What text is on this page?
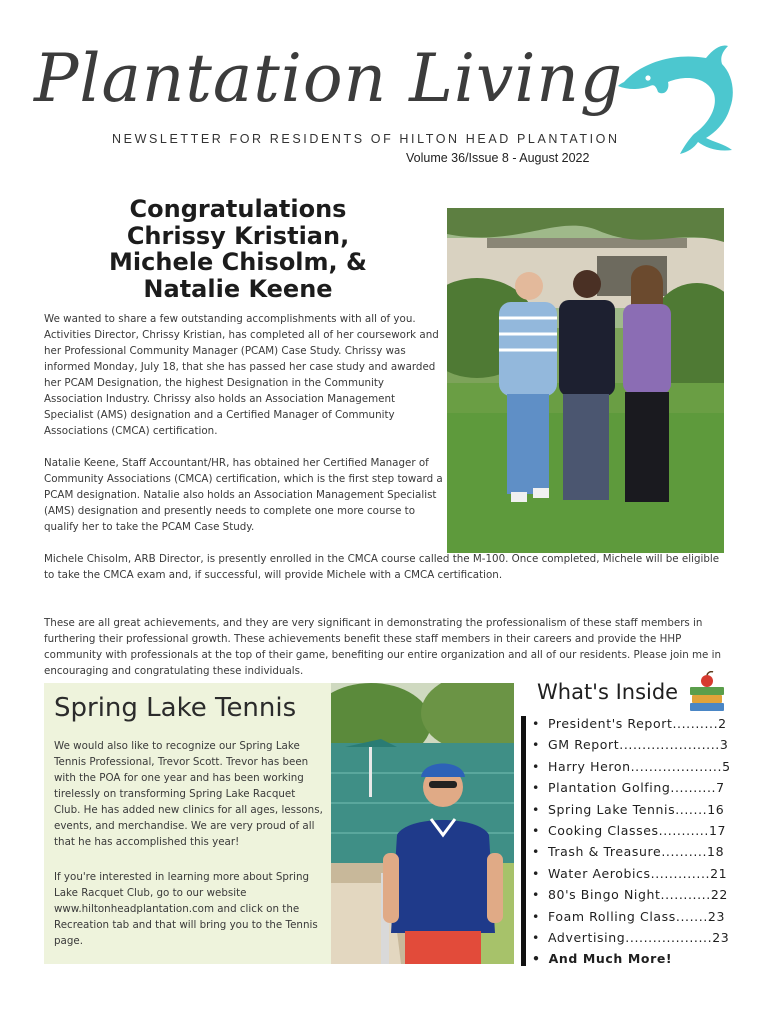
Plantation Living
NEWSLETTER FOR RESIDENTS OF HILTON HEAD PLANTATION
Volume 36/Issue 8 - August 2022
Congratulations
Chrissy Kristian,
Michele Chisolm, &
Natalie Keene
We wanted to share a few outstanding accomplishments with all of you. Activities Director, Chrissy Kristian, has completed all of her coursework and her Professional Community Manager (PCAM) Case Study. Chrissy was informed Monday, July 18, that she has passed her case study and awarded her PCAM Designation, the highest Designation in the Community Association Industry. Chrissy also holds an Association Management Specialist (AMS) designation and a Certified Manager of Community Associations (CMCA) certification.
Natalie Keene, Staff Accountant/HR, has obtained her Certified Manager of Community Associations (CMCA) certification, which is the first step toward a PCAM designation. Natalie also holds an Association Management Specialist (AMS) designation and presently needs to complete one more course to qualify her to take the PCAM Case Study.
Michele Chisolm, ARB Director, is presently enrolled in the CMCA course called the M-100. Once completed, Michele will be eligible to take the CMCA exam and, if successful, will provide Michele with a CMCA certification.
These are all great achievements, and they are very significant in demonstrating the professionalism of these staff members in furthering their professional growth. These achievements benefit these staff members in their careers and provide the HHP community with professionals at the top of their game, benefiting our entire organization and all of our residents. Please join me in encouraging and congratulating these individuals.
Spring Lake Tennis
We would also like to recognize our Spring Lake Tennis Professional, Trevor Scott. Trevor has been with the POA for one year and has been working tirelessly on transforming Spring Lake Racquet Club. He has added new clinics for all ages, lessons, events, and merchandise. We are very proud of all that he has accomplished this year!
If you're interested in learning more about Spring Lake Racquet Club, go to our website www.hiltonheadplantation.com and click on the Recreation tab and that will bring you to the Tennis page.
What's Inside
• President's Report..........2
• GM Report......................3
• Harry Heron....................5
• Plantation Golfing..........7
• Spring Lake Tennis.......16
• Cooking Classes...........17
• Trash & Treasure..........18
• Water Aerobics.............21
• 80's Bingo Night...........22
• Foam Rolling Class.......23
• Advertising...................23
• And Much More!
